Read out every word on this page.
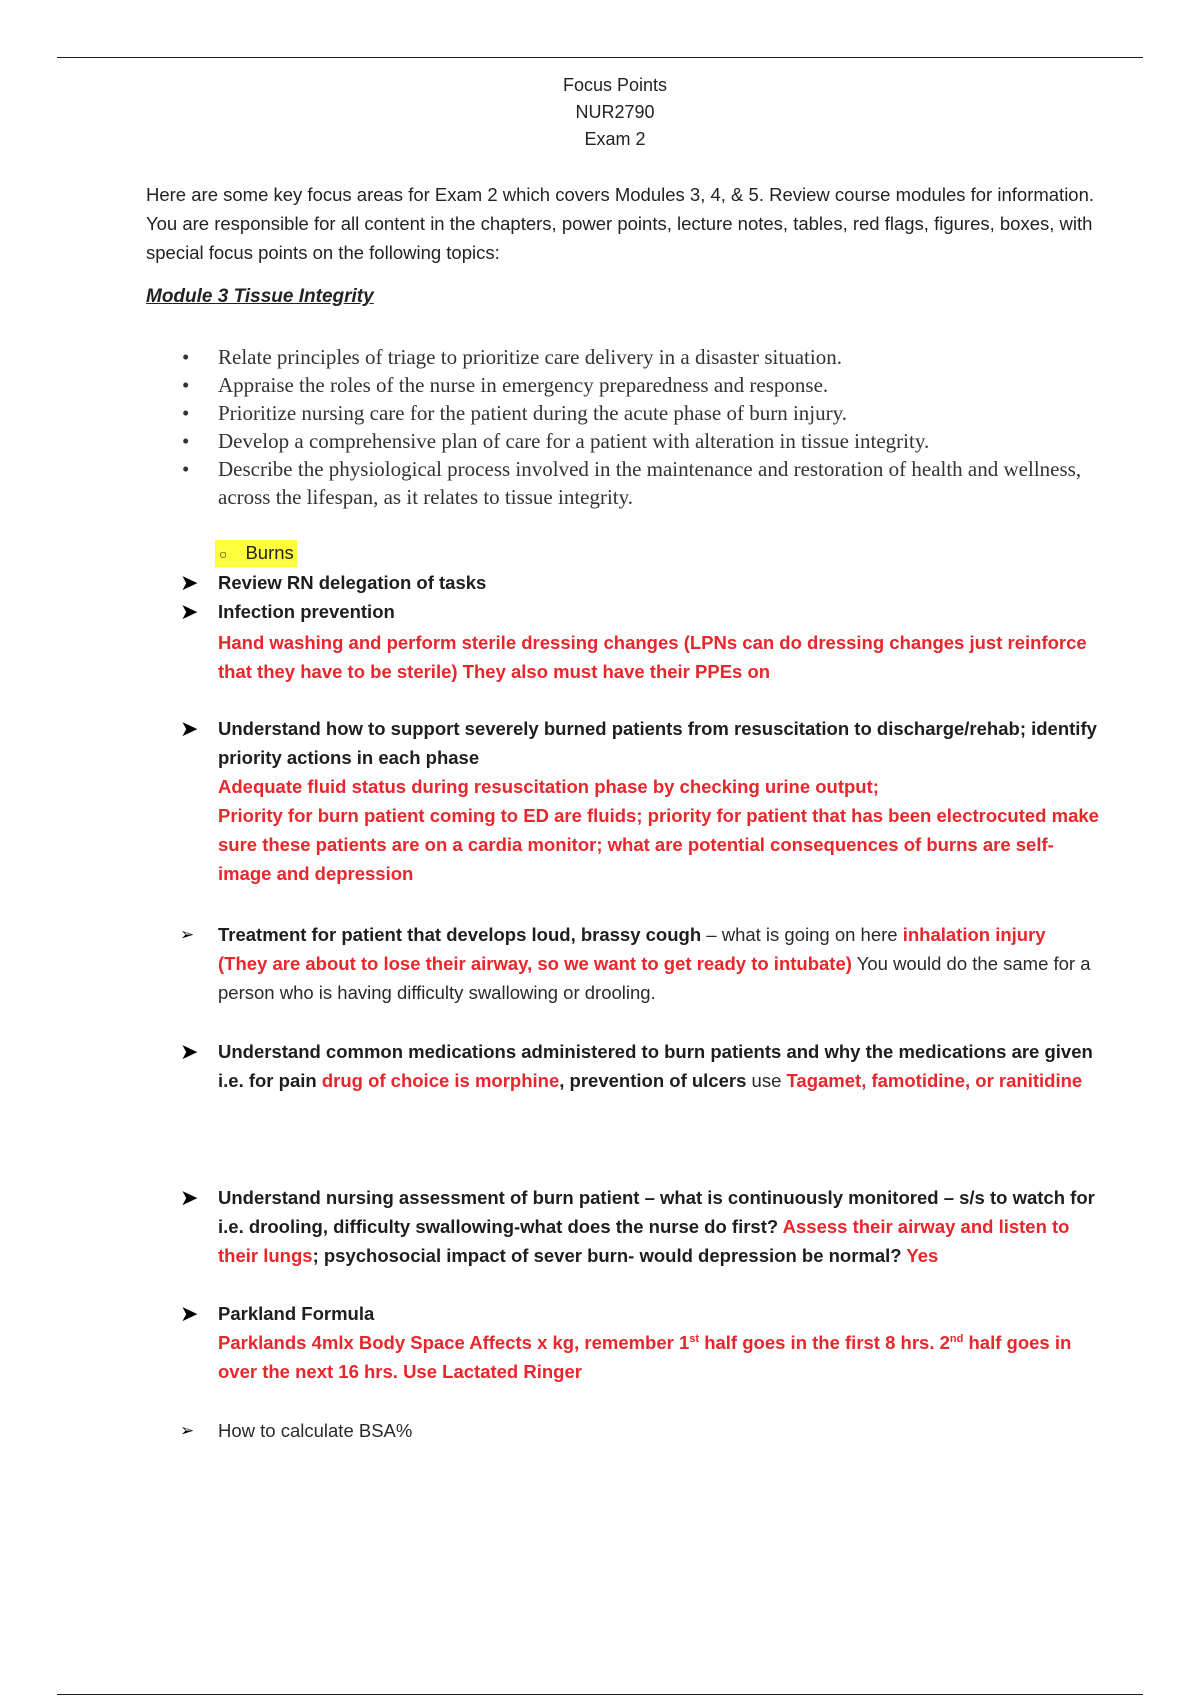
Focus Points
NUR2790
Exam 2
Here are some key focus areas for Exam 2 which covers Modules 3, 4, & 5. Review course modules for information. You are responsible for all content in the chapters, power points, lecture notes, tables, red flags, figures, boxes, with special focus points on the following topics:
Module 3 Tissue Integrity
• Relate principles of triage to prioritize care delivery in a disaster situation.
• Appraise the roles of the nurse in emergency preparedness and response.
• Prioritize nursing care for the patient during the acute phase of burn injury.
• Develop a comprehensive plan of care for a patient with alteration in tissue integrity.
• Describe the physiological process involved in the maintenance and restoration of health and wellness, across the lifespan, as it relates to tissue integrity.
○ Burns
➤ Review RN delegation of tasks
➤ Infection prevention
Hand washing and perform sterile dressing changes (LPNs can do dressing changes just reinforce that they have to be sterile) They also must have their PPEs on
➤ Understand how to support severely burned patients from resuscitation to discharge/rehab; identify priority actions in each phase
Adequate fluid status during resuscitation phase by checking urine output;
Priority for burn patient coming to ED are fluids; priority for patient that has been electrocuted make sure these patients are on a cardia monitor; what are potential consequences of burns are self-image and depression
➢	Treatment for patient that develops loud, brassy cough – what is going on here inhalation injury (They are about to lose their airway, so we want to get ready to intubate) You would do the same for a person who is having difficulty swallowing or drooling.
➤ Understand common medications administered to burn patients and why the medications are given i.e. for pain drug of choice is morphine, prevention of ulcers use Tagamet, famotidine, or ranitidine
➤ Understand nursing assessment of burn patient – what is continuously monitored – s/s to watch for i.e. drooling, difficulty swallowing-what does the nurse do first? Assess their airway and listen to their lungs; psychosocial impact of sever burn- would depression be normal? Yes
➤ Parkland Formula
Parklands 4mlx Body Space Affects x kg, remember 1st half goes in the first 8 hrs. 2nd half goes in over the next 16 hrs. Use Lactated Ringer
➢	How to calculate BSA%
